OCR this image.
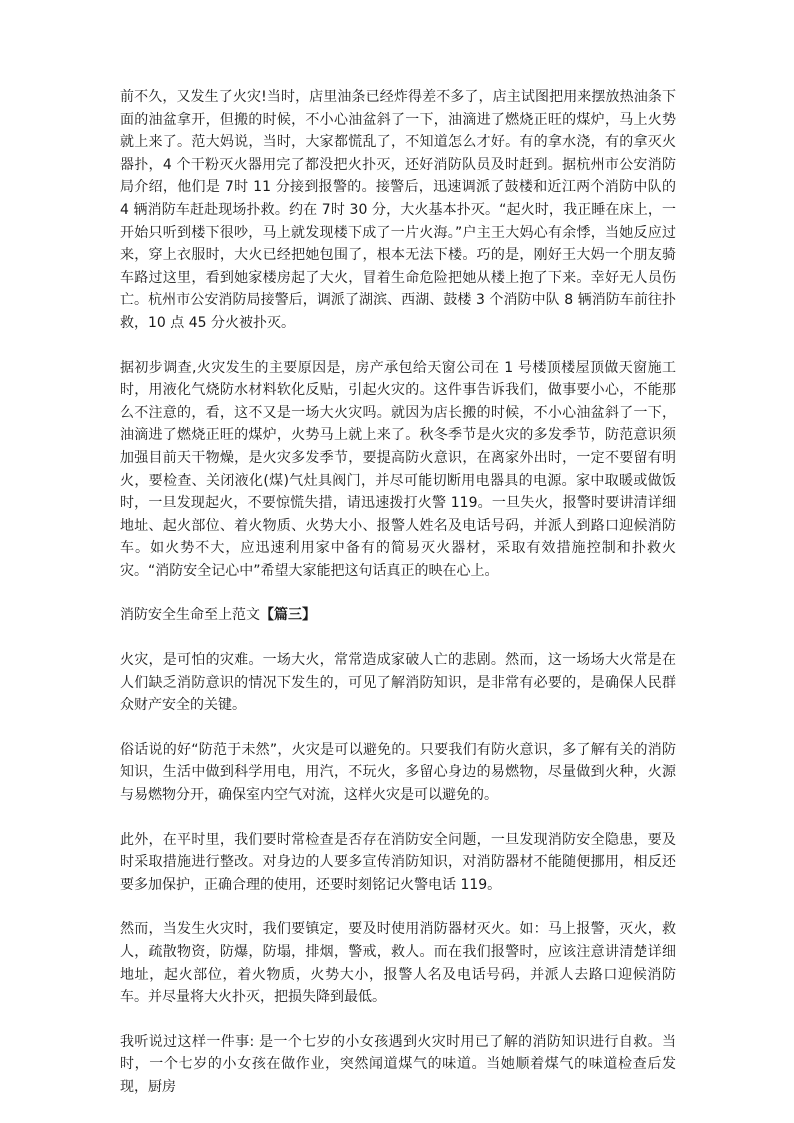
前不久，又发生了火灾!当时，店里油条已经炸得差不多了，店主试图把用来摆放热油条下面的油盆拿开，但搬的时候，不小心油盆斜了一下，油滴进了燃烧正旺的煤炉，马上火势就上来了。范大妈说，当时，大家都慌乱了，不知道怎么才好。有的拿水浇，有的拿灭火器扑，4 个干粉灭火器用完了都没把火扑灭，还好消防队员及时赶到。据杭州市公安消防局介绍，他们是 7时 11 分接到报警的。接警后，迅速调派了鼓楼和近江两个消防中队的 4 辆消防车赶赴现场扑救。约在 7时 30 分，大火基本扑灭。“起火时，我正睡在床上，一开始只听到楼下很吵，马上就发现楼下成了一片火海。”户主王大妈心有余悸，当她反应过来，穿上衣服时，大火已经把她包围了，根本无法下楼。巧的是，刚好王大妈一个朋友骑车路过这里，看到她家楼房起了大火，冒着生命危险把她从楼上抱了下来。幸好无人员伤亡。杭州市公安消防局接警后，调派了湖滨、西湖、鼓楼 3 个消防中队 8 辆消防车前往扑救，10 点 45 分火被扑灭。

据初步调查,火灾发生的主要原因是，房产承包给天窗公司在 1 号楼顶楼屋顶做天窗施工时，用液化气烧防水材料软化反贴，引起火灾的。这件事告诉我们，做事要小心，不能那么不注意的，看，这不又是一场大火灾吗。就因为店长搬的时候，不小心油盆斜了一下，油滴进了燃烧正旺的煤炉，火势马上就上来了。秋冬季节是火灾的多发季节，防范意识须加强目前天干物燥，是火灾多发季节，要提高防火意识，在离家外出时，一定不要留有明火，要检查、关闭液化(煤)气灶具阀门，并尽可能切断用电器具的电源。家中取暖或做饭时，一旦发现起火，不要惊慌失措，请迅速拨打火警 119。一旦失火，报警时要讲清详细地址、起火部位、着火物质、火势大小、报警人姓名及电话号码，并派人到路口迎候消防车。如火势不大，应迅速利用家中备有的简易灭火器材，采取有效措施控制和扑救火灾。“消防安全记心中”希望大家能把这句话真正的映在心上。

消防安全生命至上范文【篇三】

火灾，是可怕的灾难。一场大火，常常造成家破人亡的悲剧。然而，这一场场大火常是在人们缺乏消防意识的情况下发生的，可见了解消防知识，是非常有必要的，是确保人民群众财产安全的关键。

俗话说的好“防范于未然”，火灾是可以避免的。只要我们有防火意识，多了解有关的消防知识，生活中做到科学用电，用汽，不玩火，多留心身边的易燃物，尽量做到火种，火源与易燃物分开，确保室内空气对流，这样火灾是可以避免的。

此外，在平时里，我们要时常检查是否存在消防安全问题，一旦发现消防安全隐患，要及时采取措施进行整改。对身边的人要多宣传消防知识，对消防器材不能随便挪用，相反还要多加保护，正确合理的使用，还要时刻铭记火警电话 119。

然而，当发生火灾时，我们要镇定，要及时使用消防器材灭火。如：马上报警，灭火，救人，疏散物资，防爆，防塌，排烟，警戒，救人。而在我们报警时，应该注意讲清楚详细地址，起火部位，着火物质，火势大小，报警人名及电话号码，并派人去路口迎候消防车。并尽量将大火扑灭，把损失降到最低。

我听说过这样一件事: 是一个七岁的小女孩遇到火灾时用已了解的消防知识进行自救。当时，一个七岁的小女孩在做作业，突然闻道煤气的味道。当她顺着煤气的味道检查后发现，厨房
